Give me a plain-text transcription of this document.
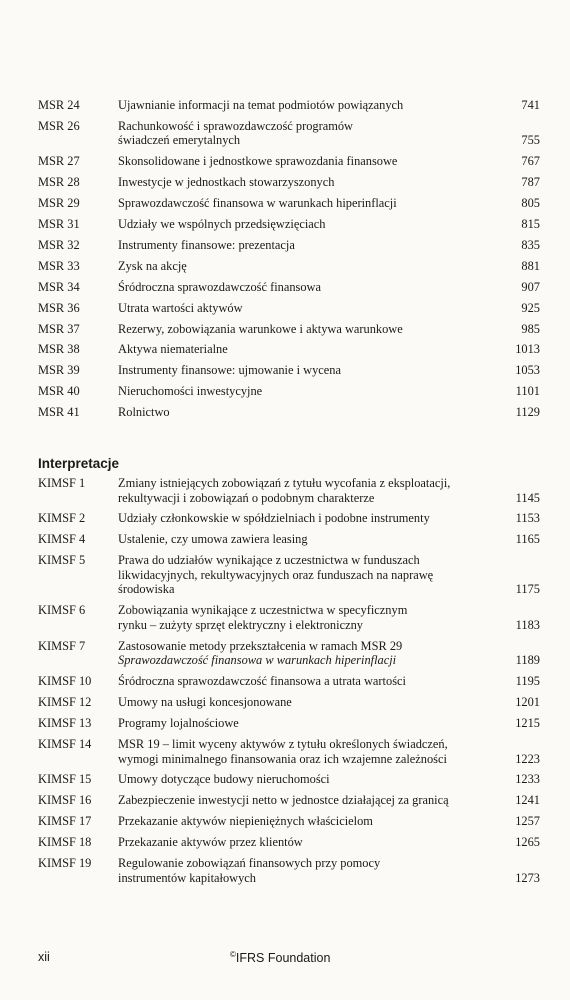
MSR 24	Ujawnianie informacji na temat podmiotów powiązanych	741
MSR 26	Rachunkowość i sprawozdawczość programów
świadczeń emerytalnych	755
MSR 27	Skonsolidowane i jednostkowe sprawozdania finansowe	767
MSR 28	Inwestycje w jednostkach stowarzyszonych	787
MSR 29	Sprawozdawczość finansowa w warunkach hiperinflacji	805
MSR 31	Udziały we wspólnych przedsięwzięciach	815
MSR 32	Instrumenty finansowe: prezentacja	835
MSR 33	Zysk na akcję	881
MSR 34	Śródroczna sprawozdawczość finansowa	907
MSR 36	Utrata wartości aktywów	925
MSR 37	Rezerwy, zobowiązania warunkowe i aktywa warunkowe	985
MSR 38	Aktywa niematerialne	1013
MSR 39	Instrumenty finansowe: ujmowanie i wycena	1053
MSR 40	Nieruchomości inwestycyjne	1101
MSR 41	Rolnictwo	1129
Interpretacje
KIMSF 1	Zmiany istniejących zobowiązań z tytułu wycofania z eksploatacji,
rekultywacji i zobowiązań o podobnym charakterze	1145
KIMSF 2	Udziały członkowskie w spółdzielniach i podobne instrumenty	1153
KIMSF 4	Ustalenie, czy umowa zawiera leasing	1165
KIMSF 5	Prawa do udziałów wynikające z uczestnictwa w funduszach
likwidacyjnych, rekultywacyjnych oraz funduszach na naprawę
środowiska	1175
KIMSF 6	Zobowiązania wynikające z uczestnictwa w specyficznym
rynku – zużyty sprzęt elektryczny i elektroniczny	1183
KIMSF 7	Zastosowanie metody przekształcenia w ramach MSR 29
Sprawozdawczość finansowa w warunkach hiperinflacji	1189
KIMSF 10	Śródroczna sprawozdawczość finansowa a utrata wartości	1195
KIMSF 12	Umowy na usługi koncesjonowane	1201
KIMSF 13	Programy lojalnościowe	1215
KIMSF 14	MSR 19 – limit wyceny aktywów z tytułu określonych świadczeń,
wymogi minimalnego finansowania oraz ich wzajemne zależności	1223
KIMSF 15	Umowy dotyczące budowy nieruchomości	1233
KIMSF 16	Zabezpieczenie inwestycji netto w jednostce działającej za granicą	1241
KIMSF 17	Przekazanie aktywów niepieniężnych właścicielom	1257
KIMSF 18	Przekazanie aktywów przez klientów	1265
KIMSF 19	Regulowanie zobowiązań finansowych przy pomocy
instrumentów kapitałowych	1273
xii	©IFRS Foundation
